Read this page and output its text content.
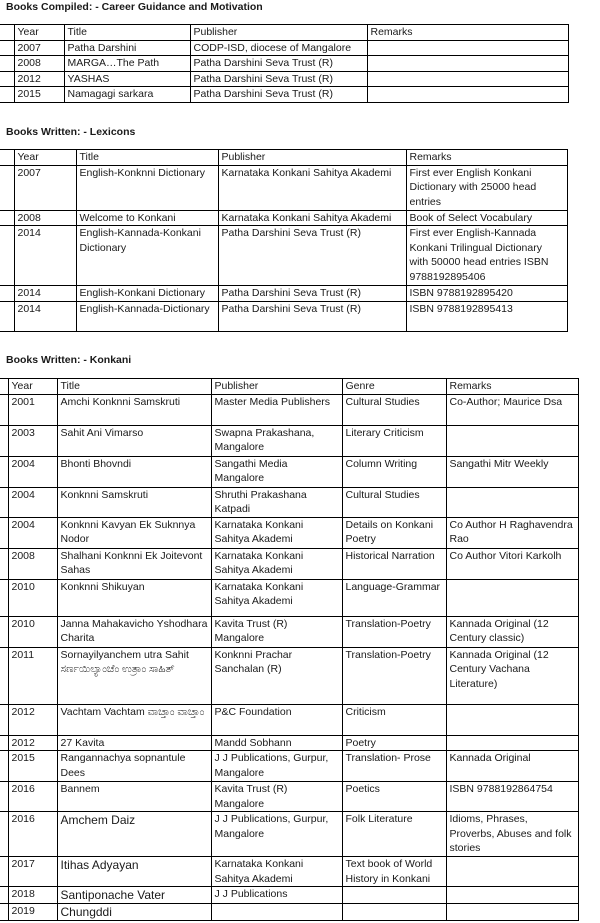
Books Compiled: - Career Guidance and Motivation
	Year	Title	Publisher	Remarks
	2007	Patha Darshini	CODP-ISD, diocese of Mangalore	
	2008	MARGA…The Path	Patha Darshini Seva Trust (R)	
	2012	YASHAS	Patha Darshini Seva Trust (R)	
	2015	Namagagi sarkara	Patha Darshini Seva Trust (R)	
Books Written: - Lexicons
	Year	Title	Publisher	Remarks
	2007	English-Konknni Dictionary	Karnataka Konkani Sahitya Akademi	First ever English Konkani Dictionary with 25000 head entries
	2008	Welcome to Konkani	Karnataka Konkani Sahitya Akademi	Book of Select Vocabulary
	2014	English-Kannada-Konkani Dictionary	Patha Darshini Seva Trust (R)	First ever English-Kannada Konkani Trilingual Dictionary with 50000 head entries ISBN 9788192895406
	2014	English-Konkani Dictionary	Patha Darshini Seva Trust (R)	ISBN 9788192895420
	2014	English-Kannada-Dictionary	Patha Darshini Seva Trust (R)	ISBN 9788192895413
Books Written: - Konkani
	Year	Title	Publisher	Genre	Remarks
	2001	Amchi Konknni Samskruti	Master Media Publishers	Cultural Studies	Co-Author; Maurice Dsa
	2003	Sahit Ani Vimarso	Swapna Prakashana, Mangalore	Literary Criticism	
	2004	Bhonti Bhovndi	Sangathi Media Mangalore	Column Writing	Sangathi Mitr Weekly
	2004	Konknni Samskruti	Shruthi Prakashana Katpadi	Cultural Studies	
	2004	Konknni Kavyan Ek Suknnya Nodor	Karnataka Konkani Sahitya Akademi	Details on Konkani Poetry	Co Author H Raghavendra Rao
	2008	Shalhani Konknni Ek Joitevont Sahas	Karnataka Konkani Sahitya Akademi	Historical Narration	Co Author Vitori Karkolh
	2010	Konknni Shikuyan	Karnataka Konkani Sahitya Akademi	Language-Grammar	
	2010	Janna Mahakavicho Yshodhara Charita	Kavita Trust (R) Mangalore	Translation-Poetry	Kannada Original (12 Century classic)
	2011	Sornayilyanchem utra Sahit ಸರ್ಣಯಿಲ್ಯಾಂಚೆಂ ಉತ್ರಾಂ ಸಾಹಿತ್	Konknni Prachar Sanchalan (R)	Translation-Poetry	Kannada Original (12 Century Vachana Literature)
	2012	Vachtam Vachtam ವಾಚ್ತಾಂ ವಾಚ್ತಾಂ	P&C Foundation	Criticism	
	2012	27 Kavita	Mandd Sobhann	Poetry	
	2015	Rangannachya sopnantule Dees	J J Publications, Gurpur, Mangalore	Translation- Prose	Kannada Original
	2016	Bannem	Kavita Trust (R) Mangalore	Poetics	ISBN 9788192864754
	2016	Amchem Daiz	J J Publications, Gurpur, Mangalore	Folk Literature	Idioms, Phrases, Proverbs, Abuses and folk stories
	2017	Itihas Adyayan	Karnataka Konkani Sahitya Akademi	Text book of World History in Konkani	
	2018	Santiponache Vater	J J Publications		
	2019	Chungddi			
